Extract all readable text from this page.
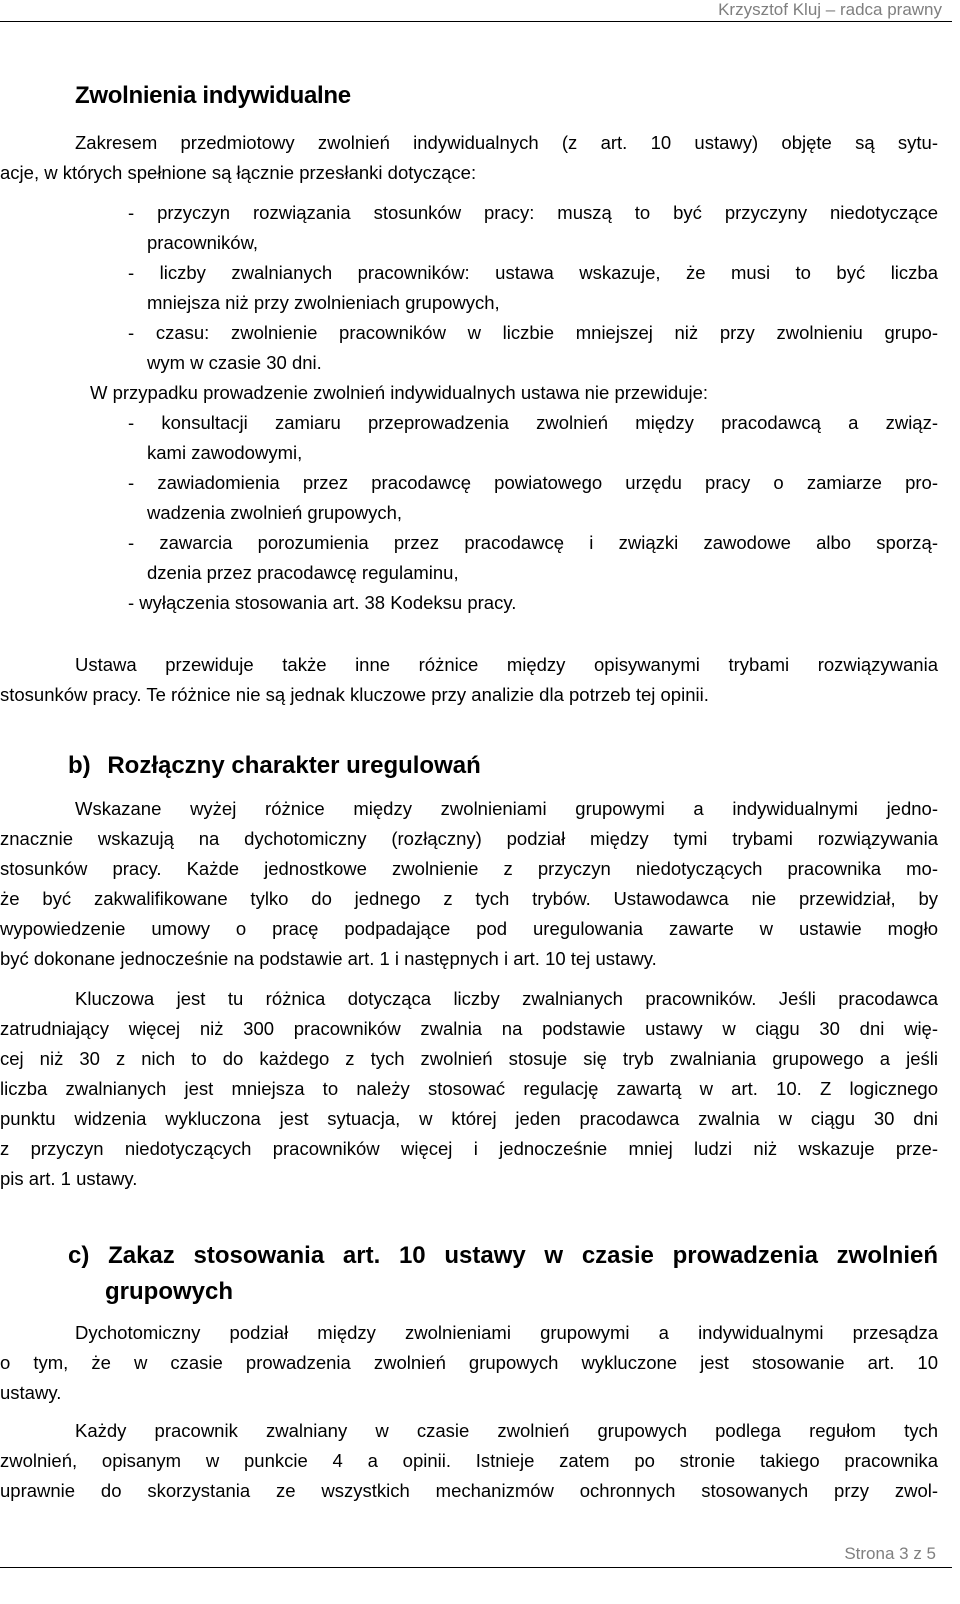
Krzysztof Kluj – radca prawny
Zwolnienia indywidualne
Zakresem przedmiotowy zwolnień indywidualnych (z art. 10 ustawy) objęte są sytu-
acje, w których spełnione są łącznie przesłanki dotyczące:
- przyczyn rozwiązania stosunków pracy: muszą to być przyczyny niedotyczące
pracowników,
- liczby zwalnianych pracowników: ustawa wskazuje, że musi to być liczba
mniejsza niż przy zwolnieniach grupowych,
- czasu: zwolnienie pracowników w liczbie mniejszej niż przy zwolnieniu grupo-
wym w czasie 30 dni.
W przypadku prowadzenie zwolnień indywidualnych ustawa nie przewiduje:
- konsultacji zamiaru przeprowadzenia zwolnień między pracodawcą a związ-
kami zawodowymi,
- zawiadomienia przez pracodawcę powiatowego urzędu pracy o zamiarze pro-
wadzenia zwolnień grupowych,
- zawarcia porozumienia przez pracodawcę i związki zawodowe albo sporzą-
dzenia przez pracodawcę regulaminu,
- wyłączenia stosowania art. 38 Kodeksu pracy.
Ustawa przewiduje także inne różnice między opisywanymi trybami rozwiązywania
stosunków pracy. Te różnice nie są jednak kluczowe przy analizie dla potrzeb tej opinii.
b) Rozłączny charakter uregulowań
Wskazane wyżej różnice między zwolnieniami grupowymi a indywidualnymi jedno-
znacznie wskazują na dychotomiczny (rozłączny) podział między tymi trybami rozwiązywania
stosunków pracy. Każde jednostkowe zwolnienie z przyczyn niedotyczących pracownika mo-
że być zakwalifikowane tylko do jednego z tych trybów. Ustawodawca nie przewidział, by
wypowiedzenie umowy o pracę podpadające pod uregulowania zawarte w ustawie mogło
być dokonane jednocześnie na podstawie art. 1 i następnych i art. 10 tej ustawy.
Kluczowa jest tu różnica dotycząca liczby zwalnianych pracowników. Jeśli pracodawca
zatrudniający więcej niż 300 pracowników zwalnia na podstawie ustawy w ciągu 30 dni wię-
cej niż 30 z nich to do każdego z tych zwolnień stosuje się tryb zwalniania grupowego a jeśli
liczba zwalnianych jest mniejsza to należy stosować regulację zawartą w art. 10. Z logicznego
punktu widzenia wykluczona jest sytuacja, w której jeden pracodawca zwalnia w ciągu 30 dni
z przyczyn niedotyczących pracowników więcej i jednocześnie mniej ludzi niż wskazuje prze-
pis art. 1 ustawy.
c) Zakaz stosowania art. 10 ustawy w czasie prowadzenia zwolnień
grupowych
Dychotomiczny podział między zwolnieniami grupowymi a indywidualnymi przesądza
o tym, że w czasie prowadzenia zwolnień grupowych wykluczone jest stosowanie art. 10
ustawy.
Każdy pracownik zwalniany w czasie zwolnień grupowych podlega regułom tych
zwolnień, opisanym w punkcie 4 a opinii. Istnieje zatem po stronie takiego pracownika
uprawnie do skorzystania ze wszystkich mechanizmów ochronnych stosowanych przy zwol-
Strona 3 z 5
